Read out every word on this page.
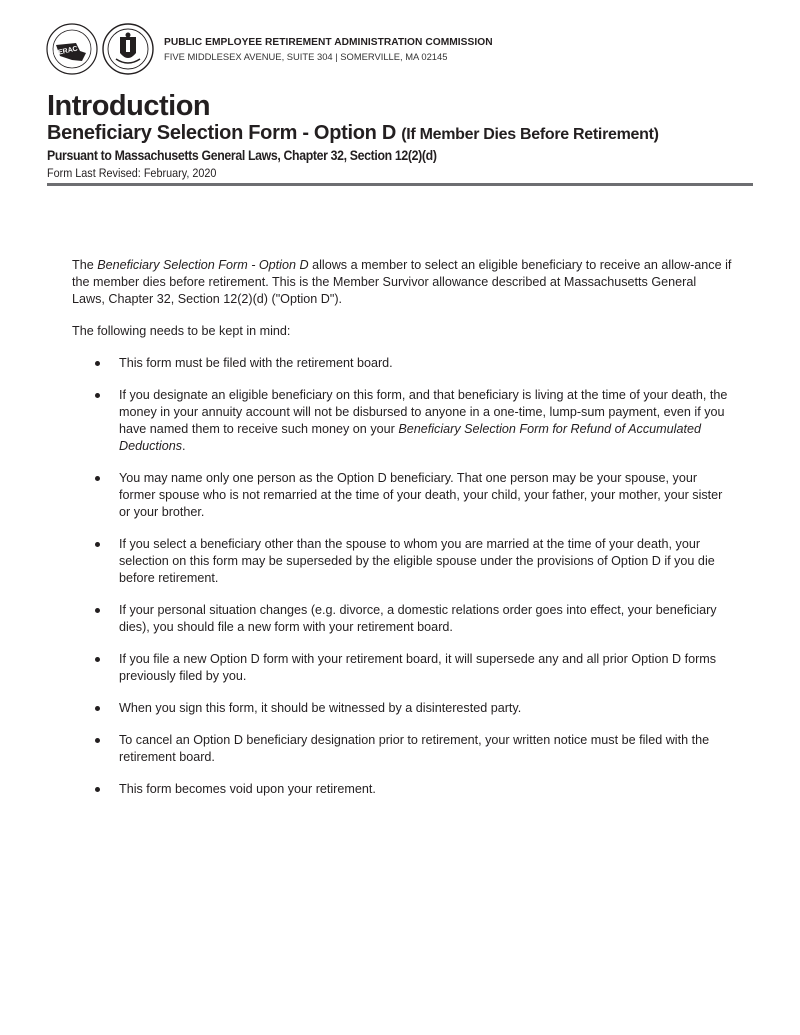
PERAC
PUBLIC EMPLOYEE RETIREMENT ADMINISTRATION COMMISSION
FIVE MIDDLESEX AVENUE, SUITE 304 | SOMERVILLE, MA 02145
Introduction
Beneficiary Selection Form - Option D (If Member Dies Before Retirement)
Pursuant to Massachusetts General Laws, Chapter 32, Section 12(2)(d)
Form Last Revised: February, 2020

The Beneficiary Selection Form - Option D allows a member to select an eligible beneficiary to receive an allow-ance if the member dies before retirement. This is the Member Survivor allowance described at Massachusetts General Laws, Chapter 32, Section 12(2)(d) ("Option D").

The following needs to be kept in mind:

This form must be filed with the retirement board.
If you designate an eligible beneficiary on this form, and that beneficiary is living at the time of your death, the money in your annuity account will not be disbursed to anyone in a one-time, lump-sum payment, even if you have named them to receive such money on your Beneficiary Selection Form for Refund of Accumulated Deductions.
You may name only one person as the Option D beneficiary. That one person may be your spouse, your former spouse who is not remarried at the time of your death, your child, your father, your mother, your sister or your brother.
If you select a beneficiary other than the spouse to whom you are married at the time of your death, your selection on this form may be superseded by the eligible spouse under the provisions of Option D if you die before retirement.
If your personal situation changes (e.g. divorce, a domestic relations order goes into effect, your beneficiary dies), you should file a new form with your retirement board.
If you file a new Option D form with your retirement board, it will supersede any and all prior Option D forms previously filed by you.
When you sign this form, it should be witnessed by a disinterested party.
To cancel an Option D beneficiary designation prior to retirement, your written notice must be filed with the retirement board.
This form becomes void upon your retirement.
